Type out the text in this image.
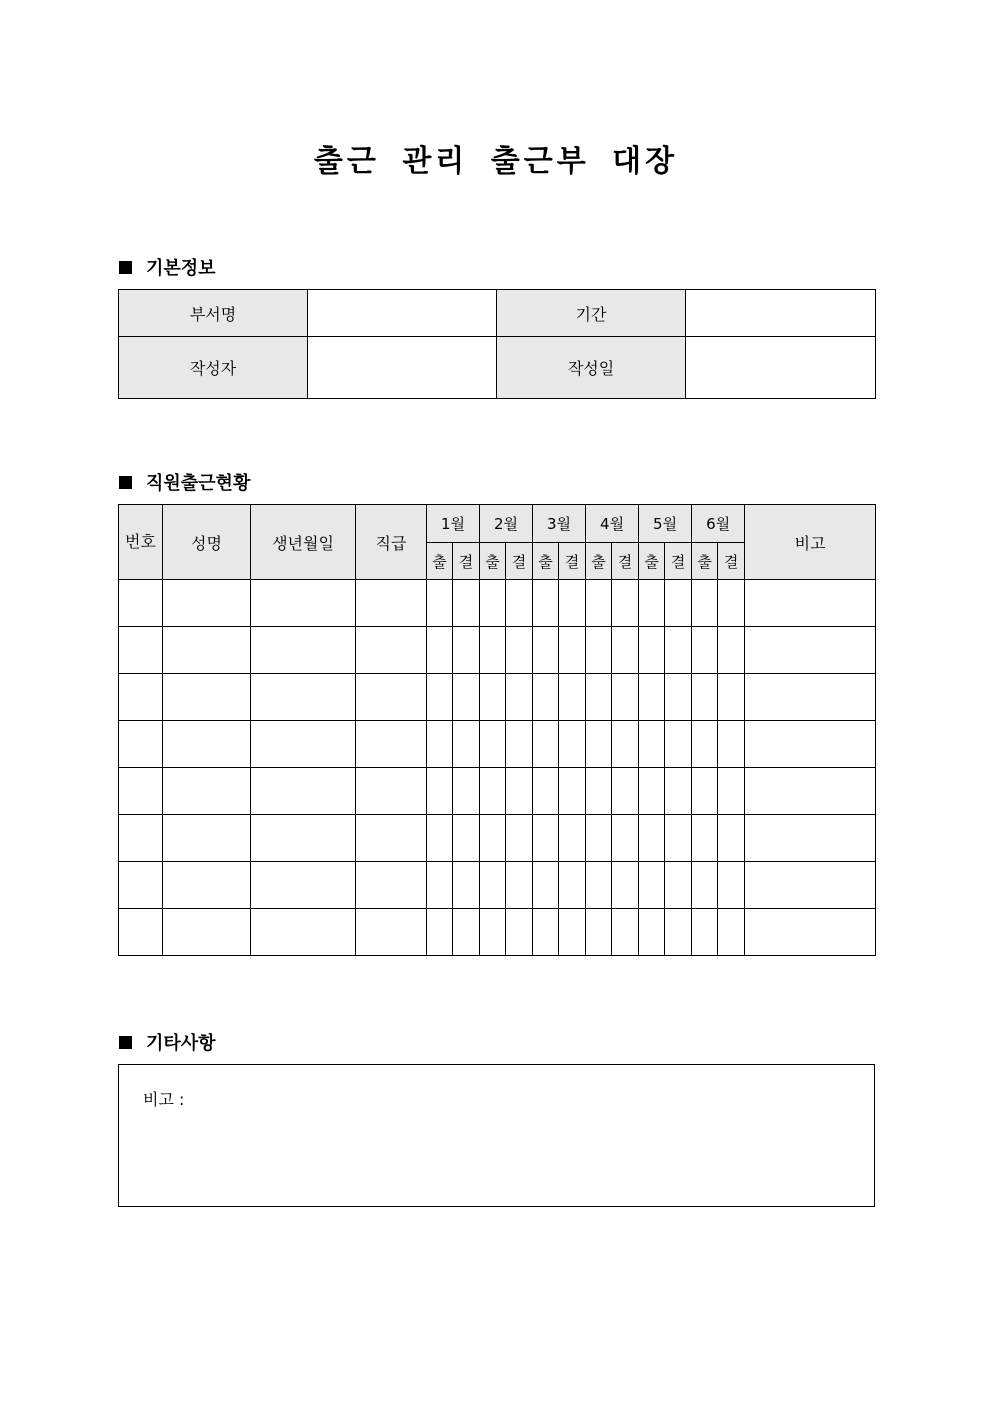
출근 관리 출근부 대장
기본정보
부서명		기간	
작성자		작성일	
직원출근현황
번호	성명	생년월일	직급	1월		2월		3월		4월		5월		6월		비고
				출	결	출	결	출	결	출	결	출	결	출	결	

기타사항
비고 :
